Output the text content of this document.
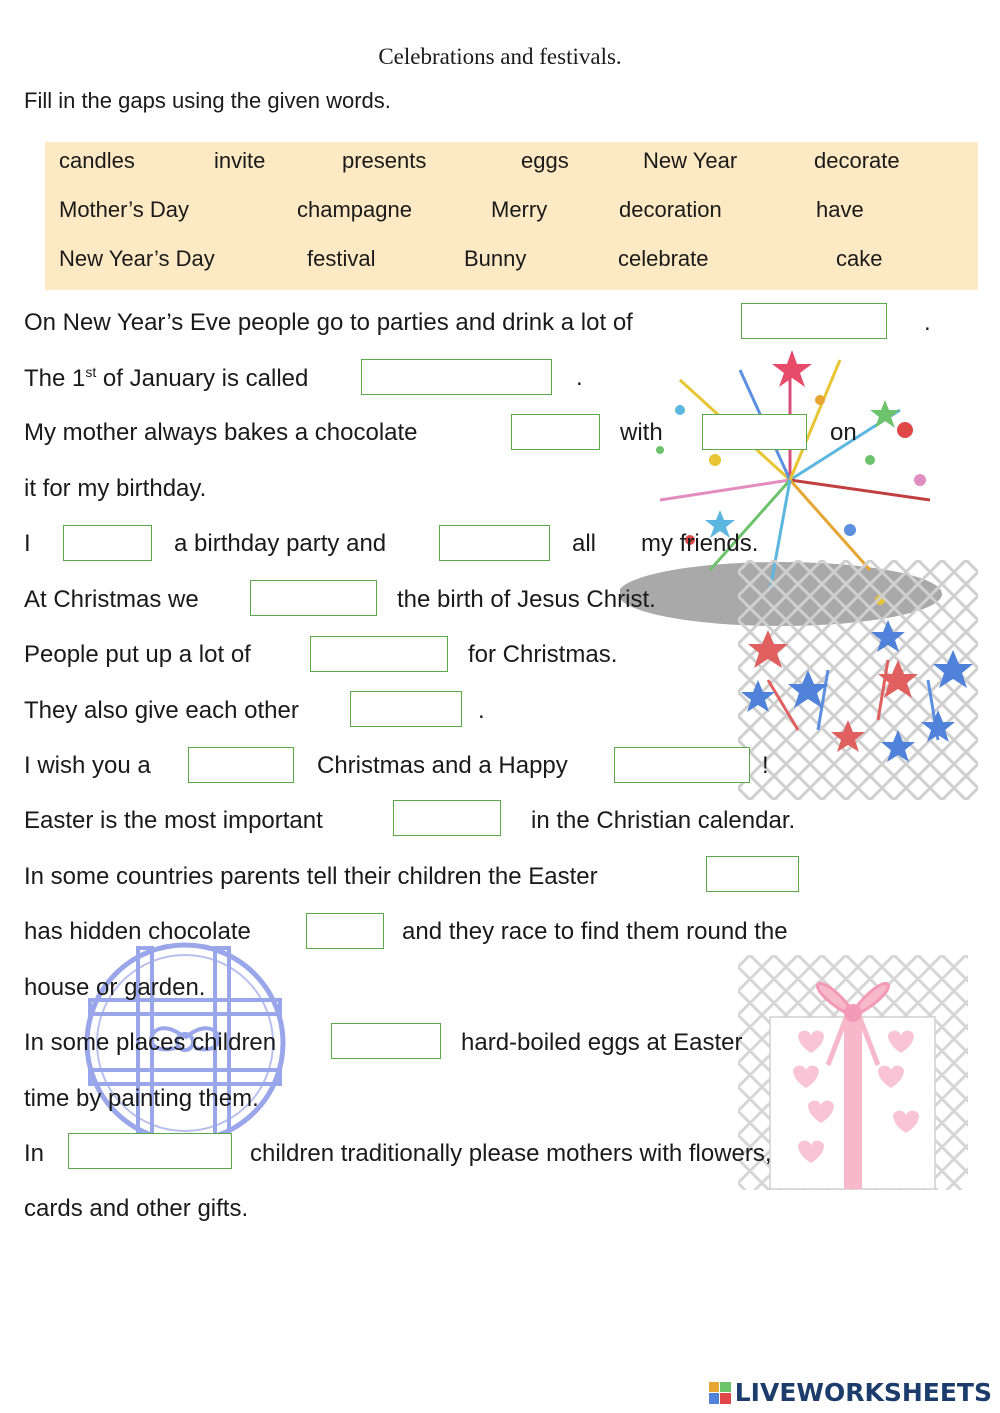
Celebrations and festivals.
Fill in the gaps using the given words.
candles	invite	presents	eggs	New Year	decorate
Mother’s Day	champagne	Merry	decoration	have
New Year’s Day	festival	Bunny	celebrate	cake
On New Year’s Eve people go to parties and drink a lot of	.
The 1st of January is called	.
My mother always bakes a chocolate	with	on
it for my birthday.
I	a birthday party and	all my friends.
At Christmas we	the birth of Jesus Christ.
People put up a lot of	for Christmas.
They also give each other	.
I wish you a	Christmas and a Happy	!
Easter is the most important	in the Christian calendar.
In some countries parents tell their children the Easter
has hidden chocolate	and they race to find them round the
house or garden.
In some places children	hard-boiled eggs at Easter
time by painting them.
In	children traditionally please mothers with flowers,
cards and other gifts.
LIVEWORKSHEETS
